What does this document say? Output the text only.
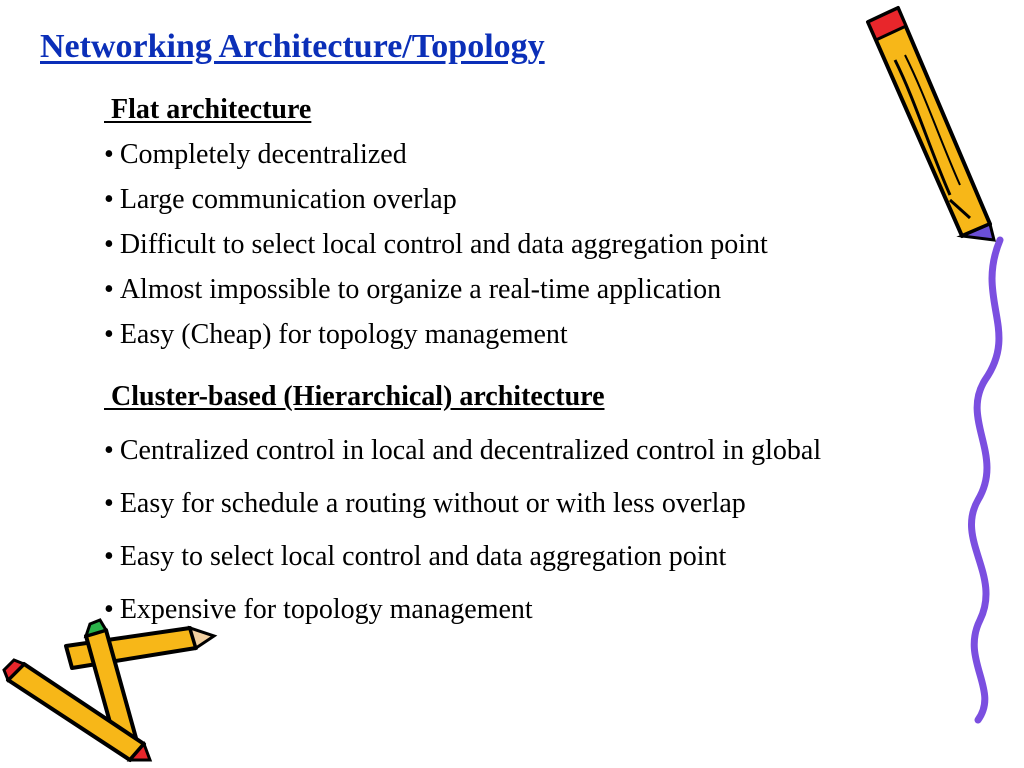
Networking Architecture/Topology
Flat architecture
• Completely decentralized
• Large communication overlap
• Difficult to select local control and data aggregation point
• Almost impossible to organize a real-time application
• Easy (Cheap) for topology management
Cluster-based (Hierarchical) architecture
• Centralized control in local and decentralized control in global
• Easy for schedule a routing without or with less overlap
• Easy to select local control and data aggregation point
• Expensive for topology management
